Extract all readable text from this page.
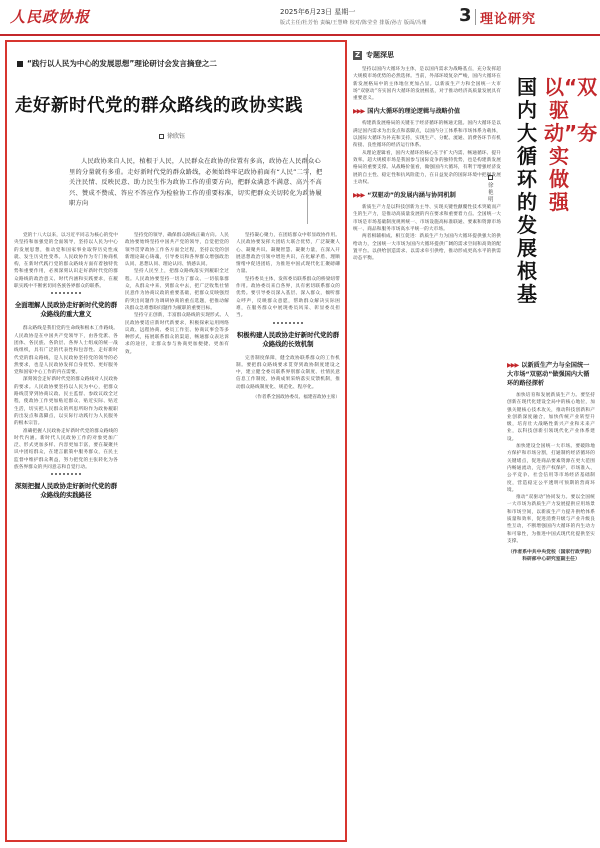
人民政协报	2025年6月23日 星期一
版式主任/杜芳怡 责编/王慧峰 校对/陈莹莹 排版/孙吉 版面/冯珊 3 理论研究
“践行以人民为中心的发展思想”理论研讨会发言摘登之二
走好新时代党的群众路线的政协实践
徐欣钰

人民政协来自人民，植根于人民，人民群众在政协的位置有多高，政协在人民群众心里的分量就有多重。走好新时代党的群众路线，必须始终牢记政协前面有“人民”二字，把关注民情、反映民意、助力民生作为政协工作的重要方向，把群众满意不满意、高兴不高兴、赞成不赞成、答应不答应作为检验协工作的重要标准，切实把群众关切转化为政协履职方向

党的十八大以来，以习近平同志为核心的党中央坚持和加强党的全面领导，坚持以人民为中心的发展思想，推动党和国家事业取得历史性成就、发生历史性变革。人民政协作为专门协商机构，在新时代践行党的群众路线方面有着独特优势和重要作用，必须深刻认识走好新时代党的群众路线的政治意义、时代内涵和实践要求，在履职实践中不断密切同各族各界群众的联系。

全面理解人民政协走好新时代党的群众路线的重大意义

群众路线是我们党的生命线和根本工作路线。人民政协是在中国共产党领导下，由各党派、各团体、各民族、各阶层、各界人士组成的统一战线组织，具有广泛的代表性和包容性。走好新时代党的群众路线，是人民政协坚持党的领导的必然要求，也是人民政协发挥自身优势、更好服务党和国家中心工作的内在需要。

深刻领会走好新时代党的群众路线对人民政协的要求。人民政协要坚持以人民为中心，把群众路线贯穿到协商议政、民主监督、参政议政全过程，使政协工作更加贴近群众、贴近实际、贴近生活，切实把人民群众的所思所盼作为政协履职的出发点和落脚点，以实际行动践行为人民服务的根本宗旨。

准确把握人民政协走好新时代党的群众路线的时代内涵。新时代人民政协工作的对象更加广泛、形式更加多样、内容更加丰富，要在凝聚共识中团结群众，在建言献策中服务群众，在民主监督中维护群众利益，努力把党的主张转化为各族各界群众的共同意志和自觉行动。

深刻把握人民政协走好新时代党的群众路线的实践路径

坚持党的领导，确保群众路线正确方向。人民政协要始终坚持中国共产党的领导，自觉把党的领导贯穿政协工作各方面全过程，坚持以党的创新理论凝心铸魂，引导委员和各界群众增强政治认同、思想认同、理论认同、情感认同。

坚持人民至上，把群众路线落实到履职全过程。人民政协要坚持一切为了群众、一切依靠群众，从群众中来、到群众中去，把广泛收集社情民意作为协商议政的重要基础，把群众反映强烈的突出问题作为调研协商的重点选题，把推动解决群众急难愁盼问题作为履职的重要目标。

坚持守正创新，丰富群众路线的实现形式。人民政协要适应新时代新要求，积极探索运用网络议政、远程协商、委员工作室、协商议事会等多种形式，拓展联系群众的渠道，畅通群众表达诉求的途径，让群众参与协商更加便捷、更加有效。

坚持凝心聚力，在团结群众中彰显政协作用。人民政协要发挥大团结大联合优势，广泛凝聚人心、凝聚共识、凝聚智慧、凝聚力量，在深入开展思想政治引领中增进共识，在化解矛盾、理顺情绪中促进团结，为推进中国式现代化汇聚磅礴力量。

坚持委员主体，发挥委员联系群众的桥梁纽带作用。政协委员来自各界，具有密切联系群众的优势。要引导委员深入基层、深入群众，倾听群众呼声，反映群众意愿，帮助群众解决实际困难，在服务群众中展现委员风采、彰显委员担当。

积极构建人民政协走好新时代党的群众路线的长效机制

完善制度保障，健全政协联系群众的工作机制。要把群众路线要求贯穿到政协制度建设之中，建立健全委员联系界别群众制度、社情民意信息工作制度、协商成果采纳落实反馈机制，推动群众路线制度化、规范化、程序化。

（作者系全国政协委员、福建省政协主席）
Z 专题深思
以“双驱动”夯实做强
国内大循环的发展根基
徐艳明

坚持以国内大循环为主体，是以国内需求为战略基点，充分发挥超大规模市场优势的必然选择。当前，外部环境复杂严峻，国内大循环在新发展格局中的主体地位更加凸显。以新质生产力和全国统一大市场“双驱动”夯实国内大循环的发展根基，对于推动经济高质量发展具有重要意义。

▶▶▶ 国内大循环的理论逻辑与战略价值

构建新发展格局的关键在于经济循环的畅通无阻。国内大循环是以满足国内需求为出发点和落脚点，以国内分工体系和市场体系为载体，以国际大循环为补充和支持，实现生产、分配、流通、消费各环节有机衔接、良性循环的经济运行体系。

从理论逻辑看，国内大循环的核心在于扩大内需、畅通循环、提升效率。超大规模市场是我国参与国际竞争的独特优势，也是构建新发展格局的重要支撑。从战略价值看，做强国内大循环，有利于增强经济发展的自主性、稳定性和抗风险能力，在日益复杂的国际环境中把握发展主动权。

▶▶▶ “双驱动”的发展内涵与协同机制

新质生产力是以科技创新为主导、实现关键性颠覆性技术突破而产生的生产力，是推动高质量发展的内在要求和重要着力点。全国统一大市场是市场基础制度规则统一、市场设施高标准联通、要素和资源市场统一、商品和服务市场高水平统一的大市场。

两者相辅相成、相互促进：新质生产力为国内大循环提供强大的供给动力，全国统一大市场为国内大循环提供广阔的需求空间和高效的配置平台。以供给创造需求、以需求牵引供给，推动形成更高水平的供需动态平衡。

▶▶▶ 以新质生产力与全国统一大市场“双驱动”做强国内大循环的路径探析

加快培育和发展新质生产力。要坚持创新在现代化建设全局中的核心地位，加强关键核心技术攻关，推动科技创新和产业创新深度融合，加快传统产业转型升级，培育壮大战略性新兴产业和未来产业，以科技创新引领现代化产业体系建设。

加快建设全国统一大市场。要破除地方保护和市场分割，打通制约经济循环的关键堵点，促进商品要素资源在更大范围内畅通流动，完善产权保护、市场准入、公平竞争、社会信用等市场经济基础制度，营造稳定公平透明可预期的营商环境。

推动“双驱动”协同发力。要以全国统一大市场为新质生产力发展提供应用场景和市场空间，以新质生产力提升供给体系质量和效率，促进消费升级与产业升级良性互动，不断增强国内大循环的内生动力和可靠性，为推进中国式现代化提供坚实支撑。

（作者系中共中央党校（国家行政学院）科研部中心研究室副主任）
